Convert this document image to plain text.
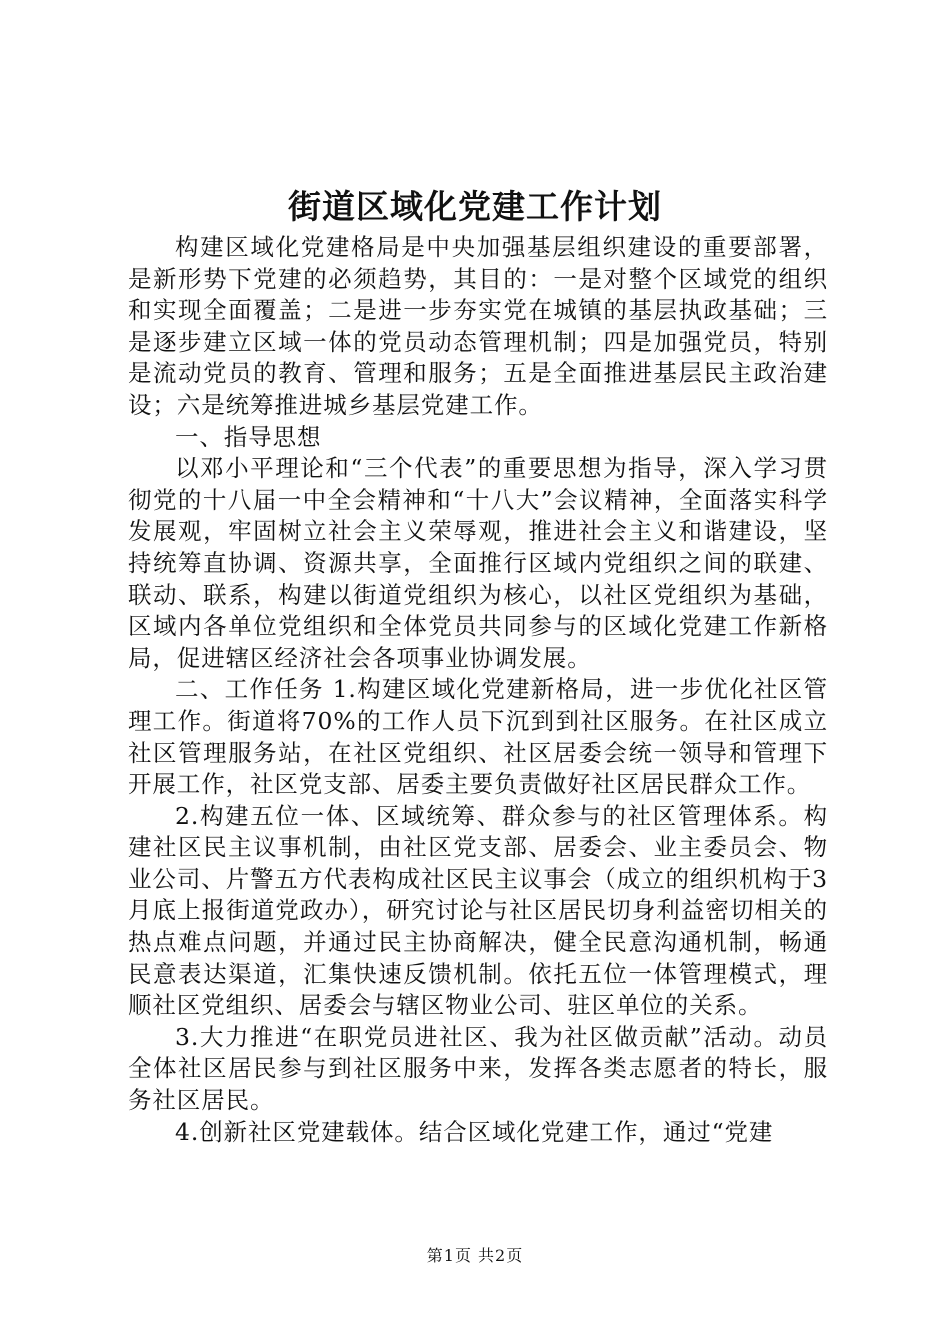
街道区域化党建工作计划

构建区域化党建格局是中央加强基层组织建设的重要部署，是新形势下党建的必须趋势，其目的：一是对整个区域党的组织和实现全面覆盖；二是进一步夯实党在城镇的基层执政基础；三是逐步建立区域一体的党员动态管理机制；四是加强党员，特别是流动党员的教育、管理和服务；五是全面推进基层民主政治建设；六是统筹推进城乡基层党建工作。

一、指导思想

以邓小平理论和“三个代表”的重要思想为指导，深入学习贯彻党的十八届一中全会精神和“十八大”会议精神，全面落实科学发展观，牢固树立社会主义荣辱观，推进社会主义和谐建设，坚持统筹直协调、资源共享，全面推行区域内党组织之间的联建、联动、联系，构建以街道党组织为核心，以社区党组织为基础，区域内各单位党组织和全体党员共同参与的区域化党建工作新格局，促进辖区经济社会各项事业协调发展。

二、工作任务 1.构建区域化党建新格局，进一步优化社区管理工作。街道将70%的工作人员下沉到到社区服务。在社区成立社区管理服务站，在社区党组织、社区居委会统一领导和管理下开展工作，社区党支部、居委主要负责做好社区居民群众工作。

2.构建五位一体、区域统筹、群众参与的社区管理体系。构建社区民主议事机制，由社区党支部、居委会、业主委员会、物业公司、片警五方代表构成社区民主议事会（成立的组织机构于3月底上报街道党政办），研究讨论与社区居民切身利益密切相关的热点难点问题，并通过民主协商解决，健全民意沟通机制，畅通民意表达渠道，汇集快速反馈机制。依托五位一体管理模式，理顺社区党组织、居委会与辖区物业公司、驻区单位的关系。

3.大力推进“在职党员进社区、我为社区做贡献”活动。动员全体社区居民参与到社区服务中来，发挥各类志愿者的特长，服务社区居民。

4.创新社区党建载体。结合区域化党建工作，通过“党建

第1页 共2页
